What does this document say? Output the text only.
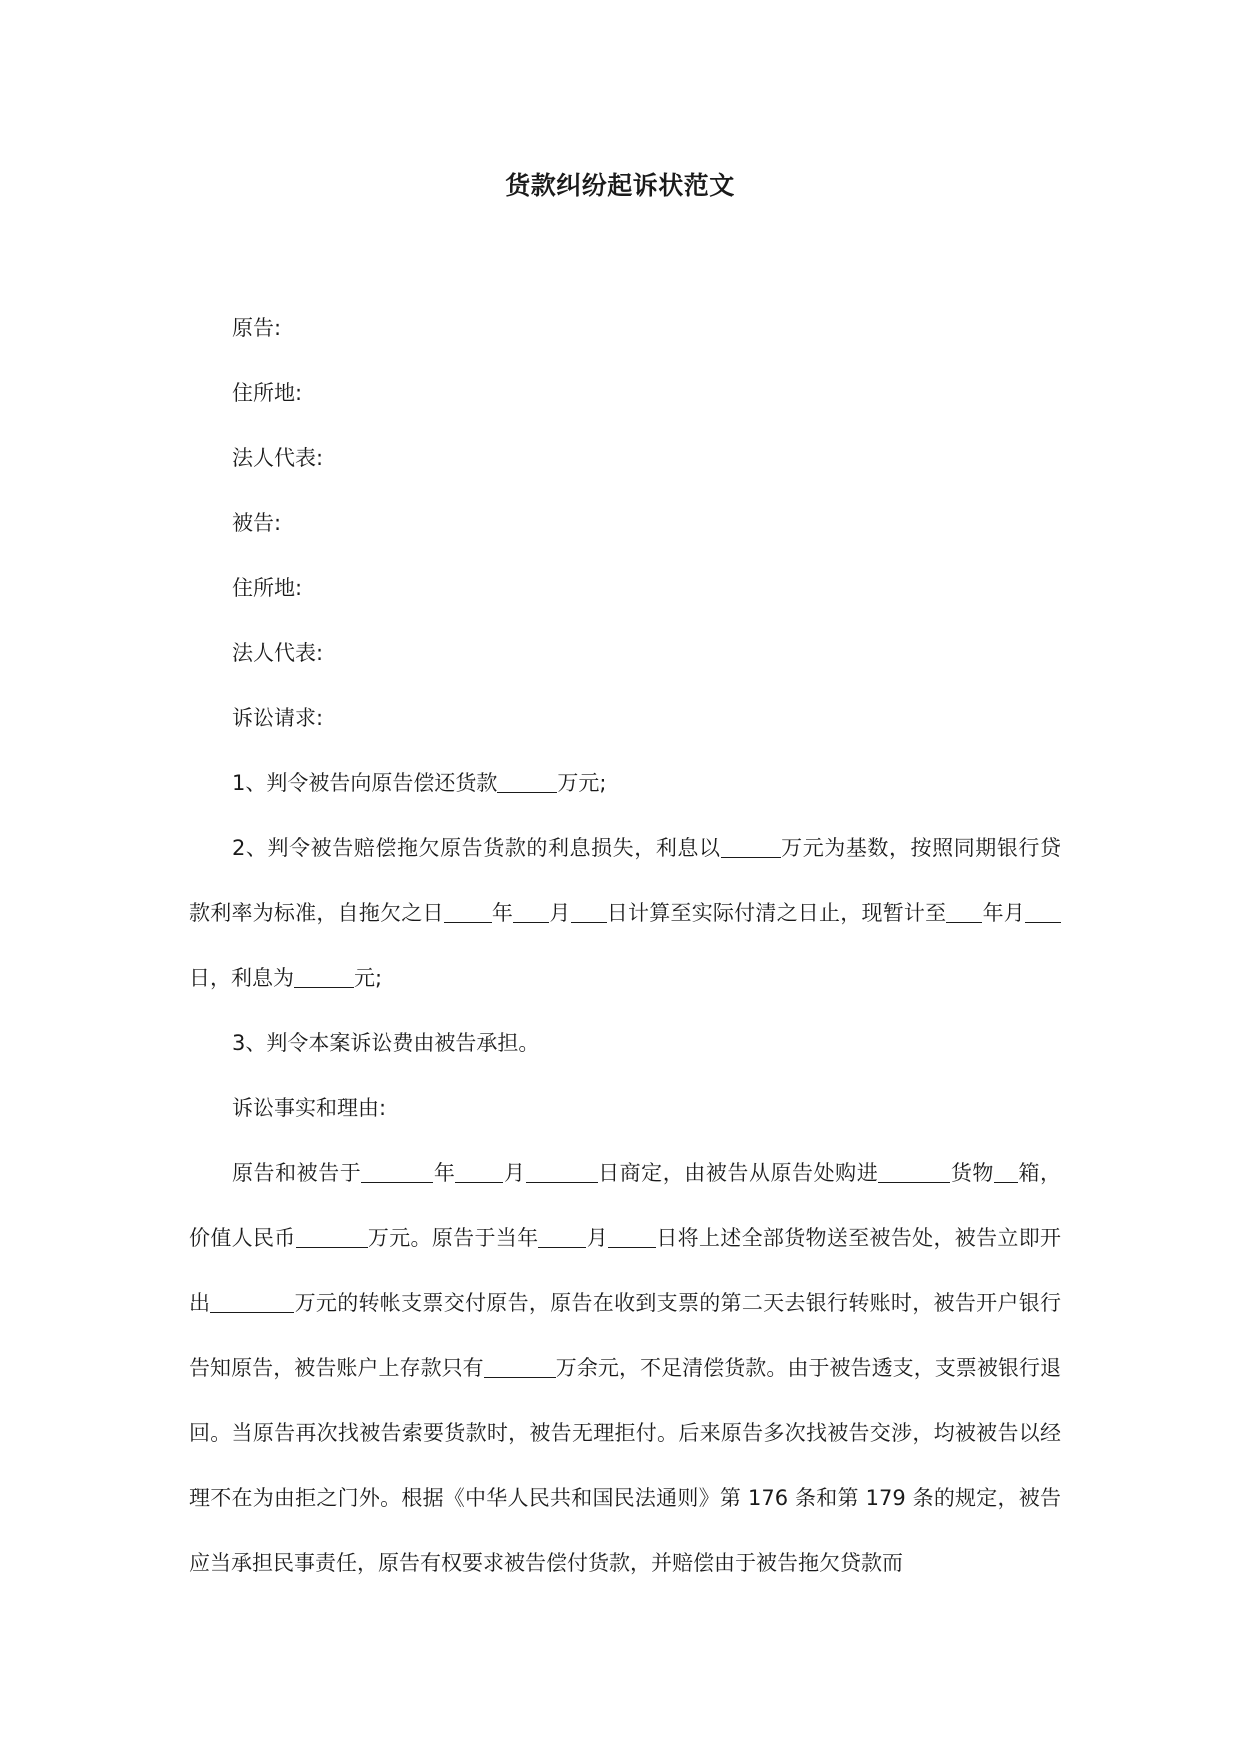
货款纠纷起诉状范文

原告:

住所地:

法人代表:

被告:

住所地:

法人代表:

诉讼请求:

1、判令被告向原告偿还货款	万元;

2、判令被告赔偿拖欠原告货款的利息损失，利息以	万元为基数，按照同期银行贷款利率为标准，自拖欠之日 年 月 日计算至实际付清之日止，现暂计至 年月日，利息为	元;

3、判令本案诉讼费由被告承担。

诉讼事实和理由:

原告和被告于	年 月	日商定，由被告从原告处购进	货物 箱，价值人民币	万元。原告于当年 月 日将上述全部货物送至被告处，被告立即开出	万元的转帐支票交付原告，原告在收到支票的第二天去银行转账时，被告开户银行告知原告，被告账户上存款只有	万余元，不足清偿货款。由于被告透支，支票被银行退回。当原告再次找被告索要货款时，被告无理拒付。后来原告多次找被告交涉，均被被告以经理不在为由拒之门外。根据《中华人民共和国民法通则》第 176 条和第 179 条的规定，被告应当承担民事责任，原告有权要求被告偿付货款，并赔偿由于被告拖欠贷款而
